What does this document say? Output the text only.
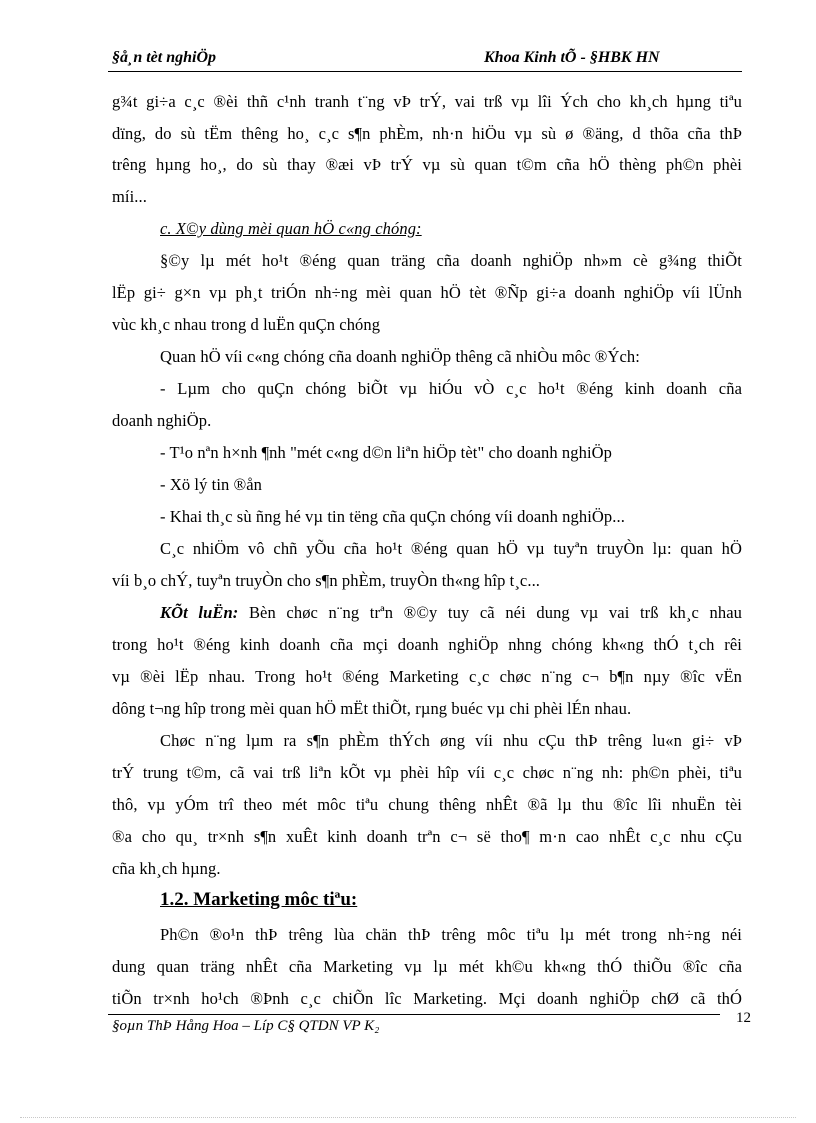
§å¸n tèt nghiÖp	Khoa Kinh tÕ - §HBK HN
g¾t gi÷a c¸c ®èi thñ c¹nh tranh t¨ng vÞ trÝ, vai trß vµ lîi Ých cho kh¸ch hµng tiªu
dïng, do sù tËm thêng ho¸ c¸c s¶n phÈm, nh·n hiÖu vµ sù ø ®äng, d thõa cña thÞ
trêng hµng ho¸, do sù thay ®æi vÞ trÝ vµ sù quan t©m cña hÖ thèng ph©n phèi
míi...
c. X©y dùng mèi quan hÖ c«ng chóng:
§©y lµ mét ho¹t ®éng quan träng cña doanh nghiÖp nh»m cè g¾ng thiÕt
lËp gi÷ g×n vµ ph¸t triÓn nh÷ng mèi quan hÖ tèt ®Ñp gi÷a doanh nghiÖp víi lÜnh
vùc kh¸c nhau trong d luËn quÇn chóng
Quan hÖ víi c«ng chóng cña doanh nghiÖp thêng cã nhiÒu môc ®Ých:
- Lµm cho quÇn chóng biÕt vµ hiÓu vÒ c¸c ho¹t ®éng kinh doanh cña
doanh nghiÖp.
- T¹o nªn h×nh ¶nh "mét c«ng d©n liªn hiÖp tèt" cho doanh nghiÖp
- Xö lý tin ®ån
- Khai th¸c sù ñng hé vµ tin tëng cña quÇn chóng víi doanh nghiÖp...
C¸c nhiÖm vô chñ yÕu cña ho¹t ®éng quan hÖ vµ tuyªn truyÒn lµ: quan hÖ
víi b¸o chÝ, tuyªn truyÒn cho s¶n phÈm, truyÒn th«ng hîp t¸c...
KÕt luËn: Bèn chøc n¨ng trªn ®©y tuy cã néi dung vµ vai trß kh¸c nhau
trong ho¹t ®éng kinh doanh cña mçi doanh nghiÖp nhng chóng kh«ng thÓ t¸ch rêi
vµ ®èi lËp nhau. Trong ho¹t ®éng Marketing c¸c chøc n¨ng c¬ b¶n nµy ®îc vËn
dông t¬ng hîp trong mèi quan hÖ mËt thiÕt, rµng buéc vµ chi phèi lÉn nhau.
Chøc n¨ng lµm ra s¶n phÈm thÝch øng víi nhu cÇu thÞ trêng lu«n gi÷ vÞ
trÝ trung t©m, cã vai trß liªn kÕt vµ phèi hîp víi c¸c chøc n¨ng nh: ph©n phèi, tiªu
thô, vµ yÓm trî theo mét môc tiªu chung thêng nhÊt ®ã lµ thu ®îc lîi nhuËn tèi
®a cho qu¸ tr×nh s¶n xuÊt kinh doanh trªn c¬ së tho¶ m·n cao nhÊt c¸c nhu cÇu
cña kh¸ch hµng.
1.2. Marketing môc tiªu:
Ph©n ®o¹n thÞ trêng lùa chän thÞ trêng môc tiªu lµ mét trong nh÷ng néi
dung quan träng nhÊt cña Marketing vµ lµ mét kh©u kh«ng thÓ thiÕu ®îc cña
tiÕn tr×nh ho¹ch ®Þnh c¸c chiÕn lîc Marketing. Mçi doanh nghiÖp chØ cã thÓ
§oµn ThÞ Hång Hoa – Líp C§ QTDN VP K₂	12
